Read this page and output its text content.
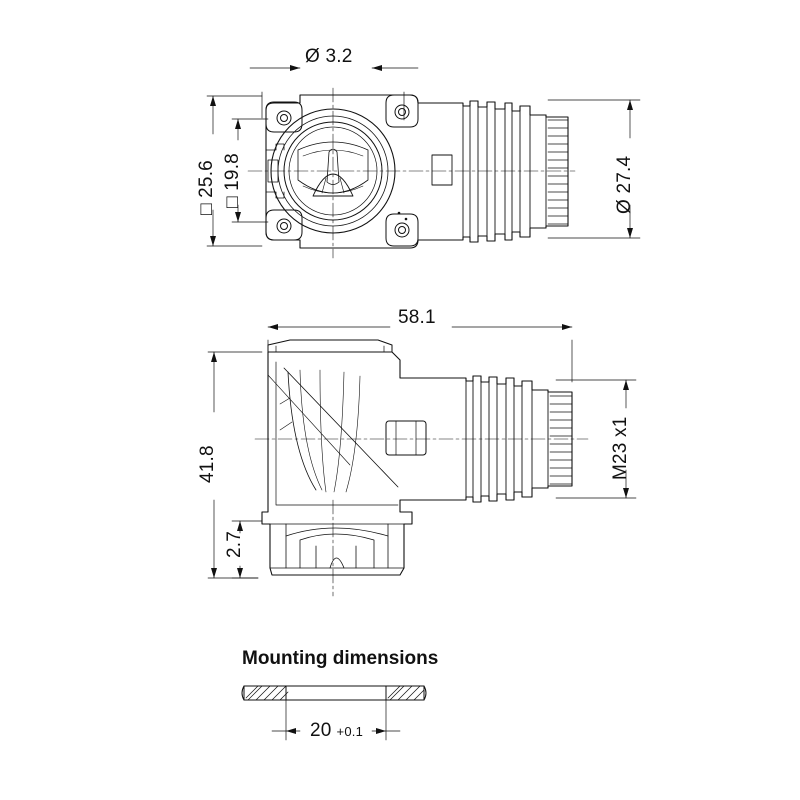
Ø 3.2
□ 25.6 □ 19.8	Ø 27.4
58.1
41.8
2.7
M23 x1
Mounting dimensions
20 +0.1
